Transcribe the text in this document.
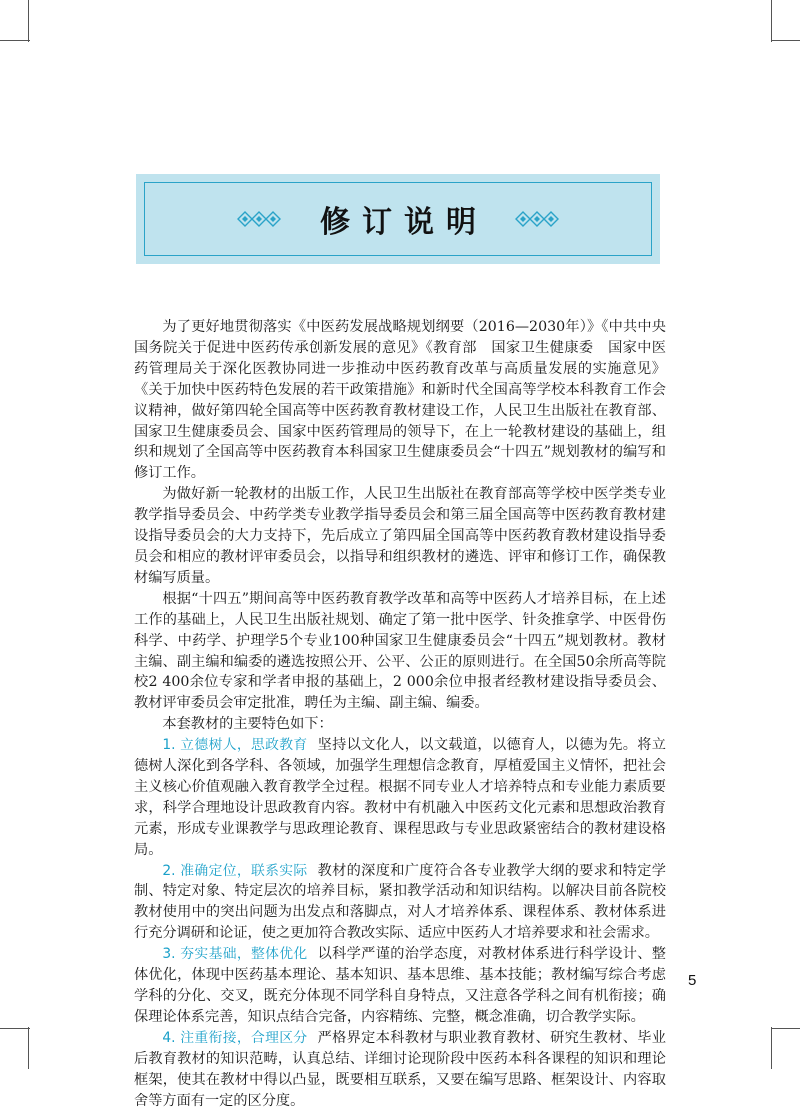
修订说明

为了更好地贯彻落实《中医药发展战略规划纲要（2016—2030年）》《中共中央国务院关于促进中医药传承创新发展的意见》《教育部　国家卫生健康委　国家中医药管理局关于深化医教协同进一步推动中医药教育改革与高质量发展的实施意见》《关于加快中医药特色发展的若干政策措施》和新时代全国高等学校本科教育工作会议精神，做好第四轮全国高等中医药教育教材建设工作，人民卫生出版社在教育部、国家卫生健康委员会、国家中医药管理局的领导下，在上一轮教材建设的基础上，组织和规划了全国高等中医药教育本科国家卫生健康委员会“十四五”规划教材的编写和修订工作。

为做好新一轮教材的出版工作，人民卫生出版社在教育部高等学校中医学类专业教学指导委员会、中药学类专业教学指导委员会和第三届全国高等中医药教育教材建设指导委员会的大力支持下，先后成立了第四届全国高等中医药教育教材建设指导委员会和相应的教材评审委员会，以指导和组织教材的遴选、评审和修订工作，确保教材编写质量。

根据“十四五”期间高等中医药教育教学改革和高等中医药人才培养目标，在上述工作的基础上，人民卫生出版社规划、确定了第一批中医学、针灸推拿学、中医骨伤科学、中药学、护理学5个专业100种国家卫生健康委员会“十四五”规划教材。教材主编、副主编和编委的遴选按照公开、公平、公正的原则进行。在全国50余所高等院校2 400余位专家和学者申报的基础上，2 000余位申报者经教材建设指导委员会、教材评审委员会审定批准，聘任为主编、副主编、编委。

本套教材的主要特色如下：

1. 立德树人，思政教育 坚持以文化人，以文载道，以德育人，以德为先。将立德树人深化到各学科、各领域，加强学生理想信念教育，厚植爱国主义情怀，把社会主义核心价值观融入教育教学全过程。根据不同专业人才培养特点和专业能力素质要求，科学合理地设计思政教育内容。教材中有机融入中医药文化元素和思想政治教育元素，形成专业课教学与思政理论教育、课程思政与专业思政紧密结合的教材建设格局。

2. 准确定位，联系实际 教材的深度和广度符合各专业教学大纲的要求和特定学制、特定对象、特定层次的培养目标，紧扣教学活动和知识结构。以解决目前各院校教材使用中的突出问题为出发点和落脚点，对人才培养体系、课程体系、教材体系进行充分调研和论证，使之更加符合教改实际、适应中医药人才培养要求和社会需求。

3. 夯实基础，整体优化 以科学严谨的治学态度，对教材体系进行科学设计、整体优化，体现中医药基本理论、基本知识、基本思维、基本技能；教材编写综合考虑学科的分化、交叉，既充分体现不同学科自身特点，又注意各学科之间有机衔接；确保理论体系完善，知识点结合完备，内容精练、完整，概念准确，切合教学实际。

4. 注重衔接，合理区分 严格界定本科教材与职业教育教材、研究生教材、毕业后教育教材的知识范畴，认真总结、详细讨论现阶段中医药本科各课程的知识和理论框架，使其在教材中得以凸显，既要相互联系，又要在编写思路、框架设计、内容取舍等方面有一定的区分度。

5
